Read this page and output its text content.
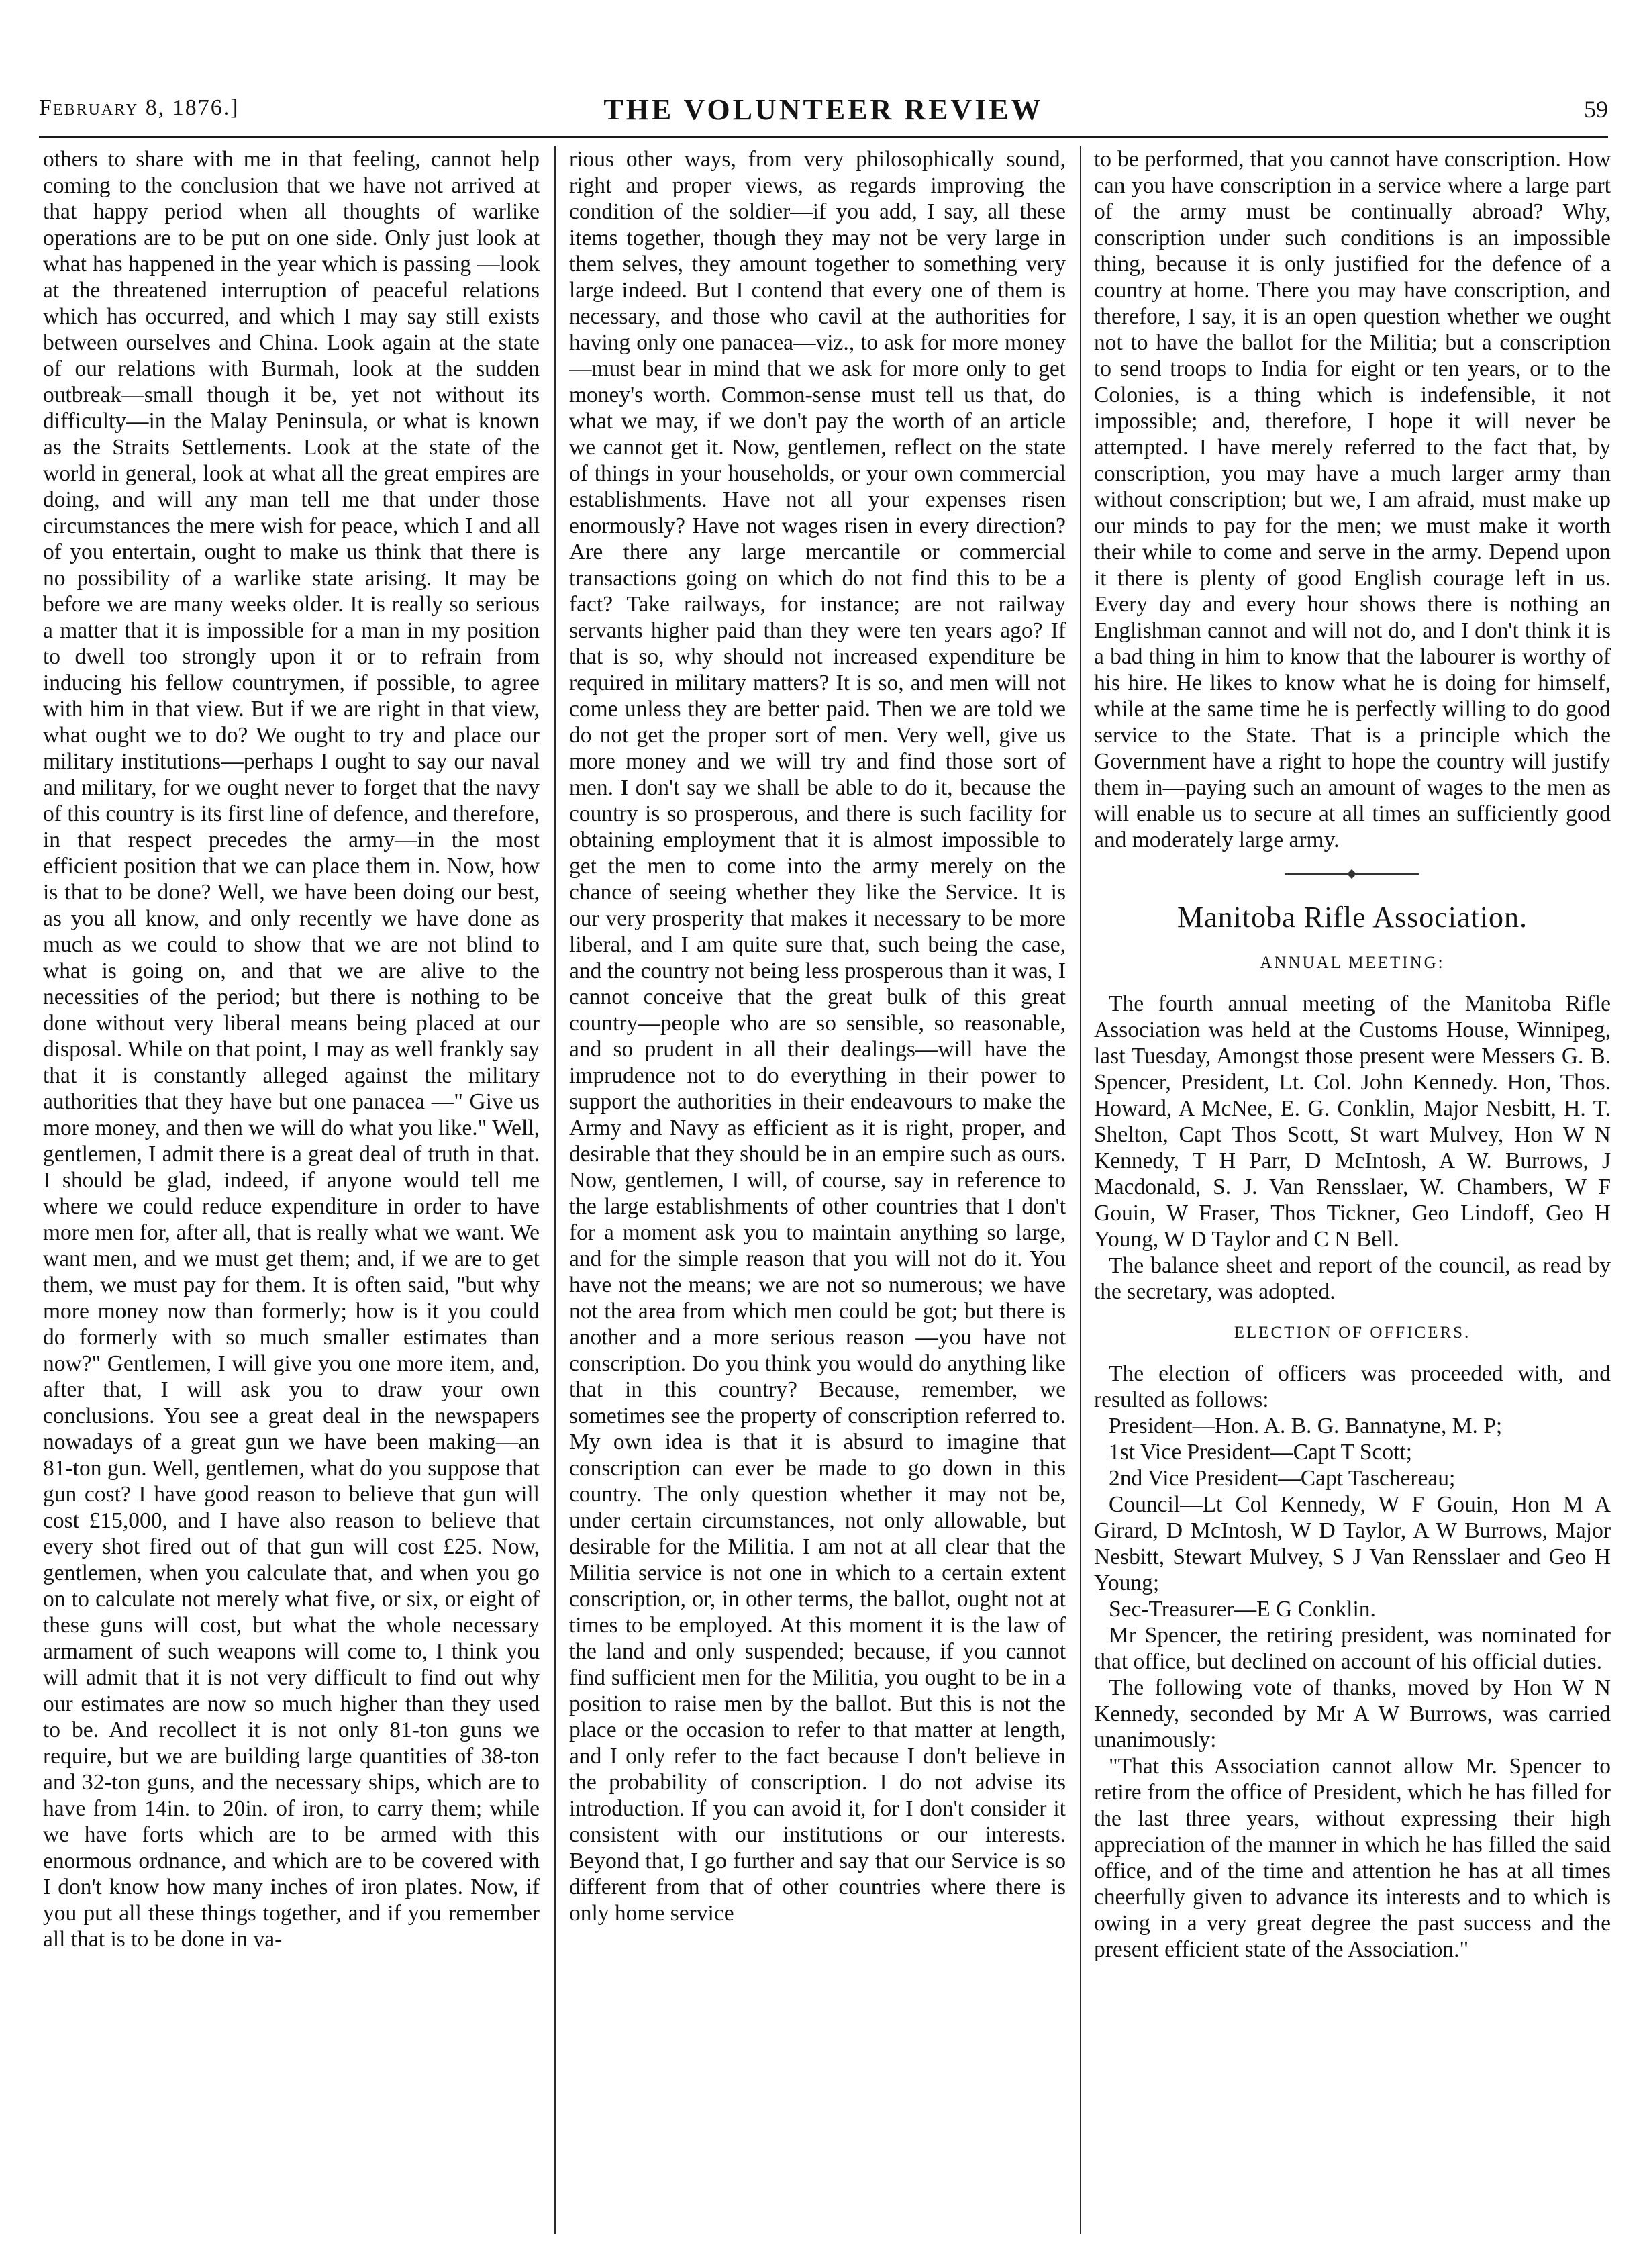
February 8, 1876.]	THE VOLUNTEER REVIEW	59

others to share with me in that feeling, cannot help coming to the conclusion that we have not arrived at that happy period when all thoughts of warlike operations are to be put on one side. Only just look at what has happened in the year which is passing —look at the threatened interruption of peaceful relations which has occurred, and which I may say still exists between ourselves and China. Look again at the state of our relations with Burmah, look at the sudden outbreak—small though it be, yet not without its difficulty—in the Malay Peninsula, or what is known as the Straits Settlements. Look at the state of the world in general, look at what all the great empires are doing, and will any man tell me that under those circumstances the mere wish for peace, which I and all of you entertain, ought to make us think that there is no possibility of a warlike state arising. It may be before we are many weeks older. It is really so serious a matter that it is impossible for a man in my position to dwell too strongly upon it or to refrain from inducing his fellow countrymen, if possible, to agree with him in that view. But if we are right in that view, what ought we to do? We ought to try and place our military institutions—perhaps I ought to say our naval and military, for we ought never to forget that the navy of this country is its first line of defence, and therefore, in that respect precedes the army—in the most efficient position that we can place them in. Now, how is that to be done? Well, we have been doing our best, as you all know, and only recently we have done as much as we could to show that we are not blind to what is going on, and that we are alive to the necessities of the period; but there is nothing to be done without very liberal means being placed at our disposal. While on that point, I may as well frankly say that it is constantly alleged against the military authorities that they have but one panacea —" Give us more money, and then we will do what you like." Well, gentlemen, I admit there is a great deal of truth in that. I should be glad, indeed, if anyone would tell me where we could reduce expenditure in order to have more men for, after all, that is really what we want. We want men, and we must get them; and, if we are to get them, we must pay for them. It is often said, "but why more money now than formerly; how is it you could do formerly with so much smaller estimates than now?" Gentlemen, I will give you one more item, and, after that, I will ask you to draw your own conclusions. You see a great deal in the newspapers nowadays of a great gun we have been making—an 81-ton gun. Well, gentlemen, what do you suppose that gun cost? I have good reason to believe that gun will cost £15,000, and I have also reason to believe that every shot fired out of that gun will cost £25. Now, gentlemen, when you calculate that, and when you go on to calculate not merely what five, or six, or eight of these guns will cost, but what the whole necessary armament of such weapons will come to, I think you will admit that it is not very difficult to find out why our estimates are now so much higher than they used to be. And recollect it is not only 81-ton guns we require, but we are building large quantities of 38-ton and 32-ton guns, and the necessary ships, which are to have from 14in. to 20in. of iron, to carry them; while we have forts which are to be armed with this enormous ordnance, and which are to be covered with I don't know how many inches of iron plates. Now, if you put all these things together, and if you remember all that is to be done in va-

rious other ways, from very philosophically sound, right and proper views, as regards improving the condition of the soldier—if you add, I say, all these items together, though they may not be very large in them selves, they amount together to something very large indeed. But I contend that every one of them is necessary, and those who cavil at the authorities for having only one panacea—viz., to ask for more money—must bear in mind that we ask for more only to get money's worth. Common-sense must tell us that, do what we may, if we don't pay the worth of an article we cannot get it. Now, gentlemen, reflect on the state of things in your households, or your own commercial establishments. Have not all your expenses risen enormously? Have not wages risen in every direction? Are there any large mercantile or commercial transactions going on which do not find this to be a fact? Take railways, for instance; are not railway servants higher paid than they were ten years ago? If that is so, why should not increased expenditure be required in military matters? It is so, and men will not come unless they are better paid. Then we are told we do not get the proper sort of men. Very well, give us more money and we will try and find those sort of men. I don't say we shall be able to do it, because the country is so prosperous, and there is such facility for obtaining employment that it is almost impossible to get the men to come into the army merely on the chance of seeing whether they like the Service. It is our very prosperity that makes it necessary to be more liberal, and I am quite sure that, such being the case, and the country not being less prosperous than it was, I cannot conceive that the great bulk of this great country—people who are so sensible, so reasonable, and so prudent in all their dealings—will have the imprudence not to do everything in their power to support the authorities in their endeavours to make the Army and Navy as efficient as it is right, proper, and desirable that they should be in an empire such as ours. Now, gentlemen, I will, of course, say in reference to the large establishments of other countries that I don't for a moment ask you to maintain anything so large, and for the simple reason that you will not do it. You have not the means; we are not so numerous; we have not the area from which men could be got; but there is another and a more serious reason —you have not conscription. Do you think you would do anything like that in this country? Because, remember, we sometimes see the property of conscription referred to. My own idea is that it is absurd to imagine that conscription can ever be made to go down in this country. The only question whether it may not be, under certain circumstances, not only allowable, but desirable for the Militia. I am not at all clear that the Militia service is not one in which to a certain extent conscription, or, in other terms, the ballot, ought not at times to be employed. At this moment it is the law of the land and only suspended; because, if you cannot find sufficient men for the Militia, you ought to be in a position to raise men by the ballot. But this is not the place or the occasion to refer to that matter at length, and I only refer to the fact because I don't believe in the probability of conscription. I do not advise its introduction. If you can avoid it, for I don't consider it consistent with our institutions or our interests. Beyond that, I go further and say that our Service is so different from that of other countries where there is only home service

to be performed, that you cannot have conscription. How can you have conscription in a service where a large part of the army must be continually abroad? Why, conscription under such conditions is an impossible thing, because it is only justified for the defence of a country at home. There you may have conscription, and therefore, I say, it is an open question whether we ought not to have the ballot for the Militia; but a conscription to send troops to India for eight or ten years, or to the Colonies, is a thing which is indefensible, it not impossible; and, therefore, I hope it will never be attempted. I have merely referred to the fact that, by conscription, you may have a much larger army than without conscription; but we, I am afraid, must make up our minds to pay for the men; we must make it worth their while to come and serve in the army. Depend upon it there is plenty of good English courage left in us. Every day and every hour shows there is nothing an Englishman cannot and will not do, and I don't think it is a bad thing in him to know that the labourer is worthy of his hire. He likes to know what he is doing for himself, while at the same time he is perfectly willing to do good service to the State. That is a principle which the Government have a right to hope the country will justify them in—paying such an amount of wages to the men as will enable us to secure at all times an sufficiently good and moderately large army.

Manitoba Rifle Association.
ANNUAL MEETING:

The fourth annual meeting of the Manitoba Rifle Association was held at the Customs House, Winnipeg, last Tuesday, Amongst those present were Messers G. B. Spencer, President, Lt. Col. John Kennedy. Hon, Thos. Howard, A McNee, E. G. Conklin, Major Nesbitt, H. T. Shelton, Capt Thos Scott, St wart Mulvey, Hon W N Kennedy, T H Parr, D McIntosh, A W. Burrows, J Macdonald, S. J. Van Rensslaer, W. Chambers, W F Gouin, W Fraser, Thos Tickner, Geo Lindoff, Geo H Young, W D Taylor and C N Bell.

The balance sheet and report of the council, as read by the secretary, was adopted.

ELECTION OF OFFICERS.

The election of officers was proceeded with, and resulted as follows:

President—Hon. A. B. G. Bannatyne, M. P;

1st Vice President—Capt T Scott;

2nd Vice President—Capt Taschereau;

Council—Lt Col Kennedy, W F Gouin, Hon M A Girard, D McIntosh, W D Taylor, A W Burrows, Major Nesbitt, Stewart Mulvey, S J Van Rensslaer and Geo H Young;

Sec-Treasurer—E G Conklin.

Mr Spencer, the retiring president, was nominated for that office, but declined on account of his official duties.

The following vote of thanks, moved by Hon W N Kennedy, seconded by Mr A W Burrows, was carried unanimously:

"That this Association cannot allow Mr. Spencer to retire from the office of President, which he has filled for the last three years, without expressing their high appreciation of the manner in which he has filled the said office, and of the time and attention he has at all times cheerfully given to advance its interests and to which is owing in a very great degree the past success and the present efficient state of the Association."
